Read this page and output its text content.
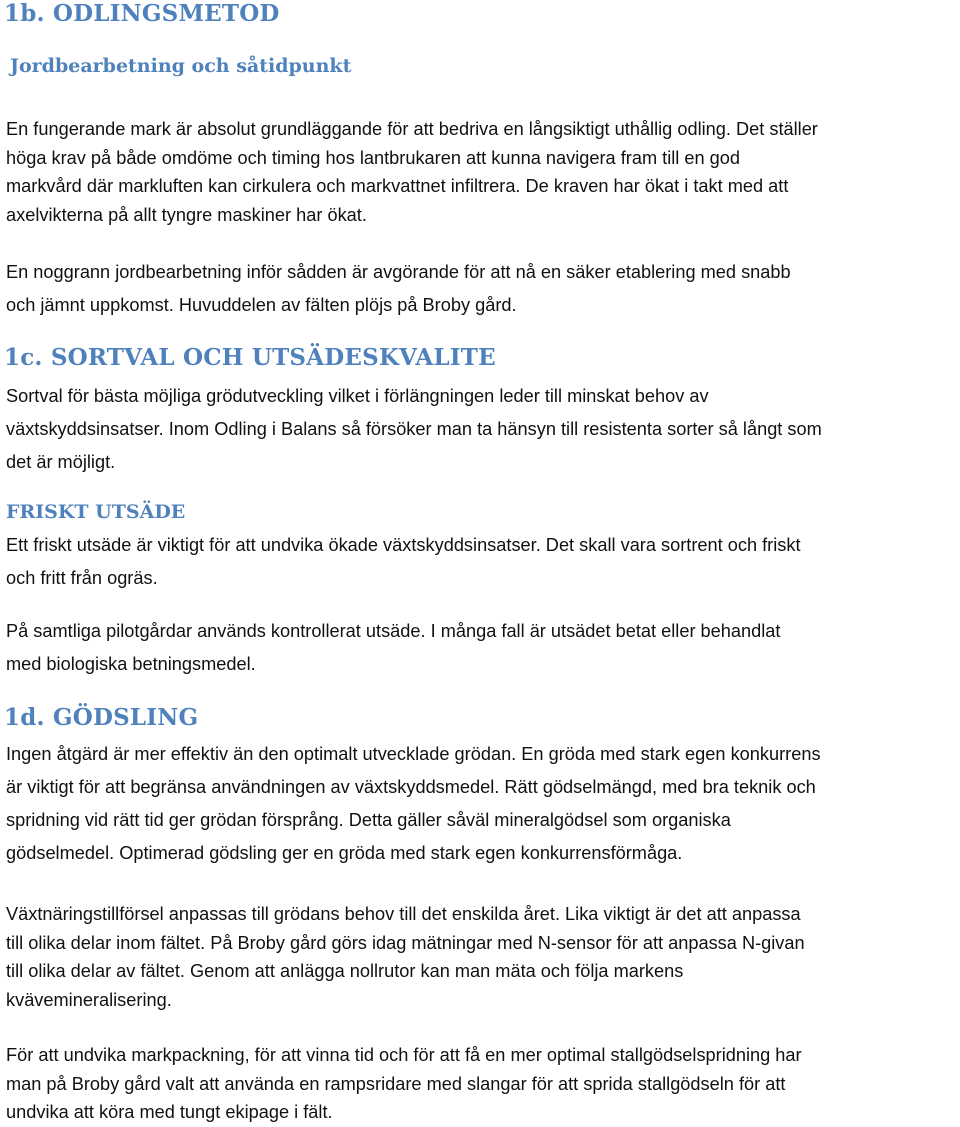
1b. ODLINGSMETOD
Jordbearbetning och såtidpunkt
En fungerande mark är absolut grundläggande för att bedriva en långsiktigt uthållig odling. Det ställer
höga krav på både omdöme och timing hos lantbrukaren att kunna navigera fram till en god
markvård där markluften kan cirkulera och markvattnet infiltrera. De kraven har ökat i takt med att
axelvikterna på allt tyngre maskiner har ökat.
En noggrann jordbearbetning inför sådden är avgörande för att nå en säker etablering med snabb
och jämnt uppkomst. Huvuddelen av fälten plöjs på Broby gård.
1c. SORTVAL OCH UTSÄDESKVALITE
Sortval för bästa möjliga grödutveckling vilket i förlängningen leder till minskat behov av
växtskyddsinsatser. Inom Odling i Balans så försöker man ta hänsyn till resistenta sorter så långt som
det är möjligt.
FRISKT UTSÄDE
Ett friskt utsäde är viktigt för att undvika ökade växtskyddsinsatser. Det skall vara sortrent och friskt
och fritt från ogräs.
På samtliga pilotgårdar används kontrollerat utsäde. I många fall är utsädet betat eller behandlat
med biologiska betningsmedel.
1d. GÖDSLING
Ingen åtgärd är mer effektiv än den optimalt utvecklade grödan. En gröda med stark egen konkurrens
är viktigt för att begränsa användningen av växtskyddsmedel. Rätt gödselmängd, med bra teknik och
spridning vid rätt tid ger grödan försprång. Detta gäller såväl mineralgödsel som organiska
gödselmedel. Optimerad gödsling ger en gröda med stark egen konkurrensförmåga.
Växtnäringstillförsel anpassas till grödans behov till det enskilda året. Lika viktigt är det att anpassa
till olika delar inom fältet. På Broby gård görs idag mätningar med N-sensor för att anpassa N-givan
till olika delar av fältet. Genom att anlägga nollrutor kan man mäta och följa markens
kvävemineralisering.
För att undvika markpackning, för att vinna tid och för att få en mer optimal stallgödselspridning har
man på Broby gård valt att använda en rampsridare med slangar för att sprida stallgödseln för att
undvika att köra med tungt ekipage i fält.
